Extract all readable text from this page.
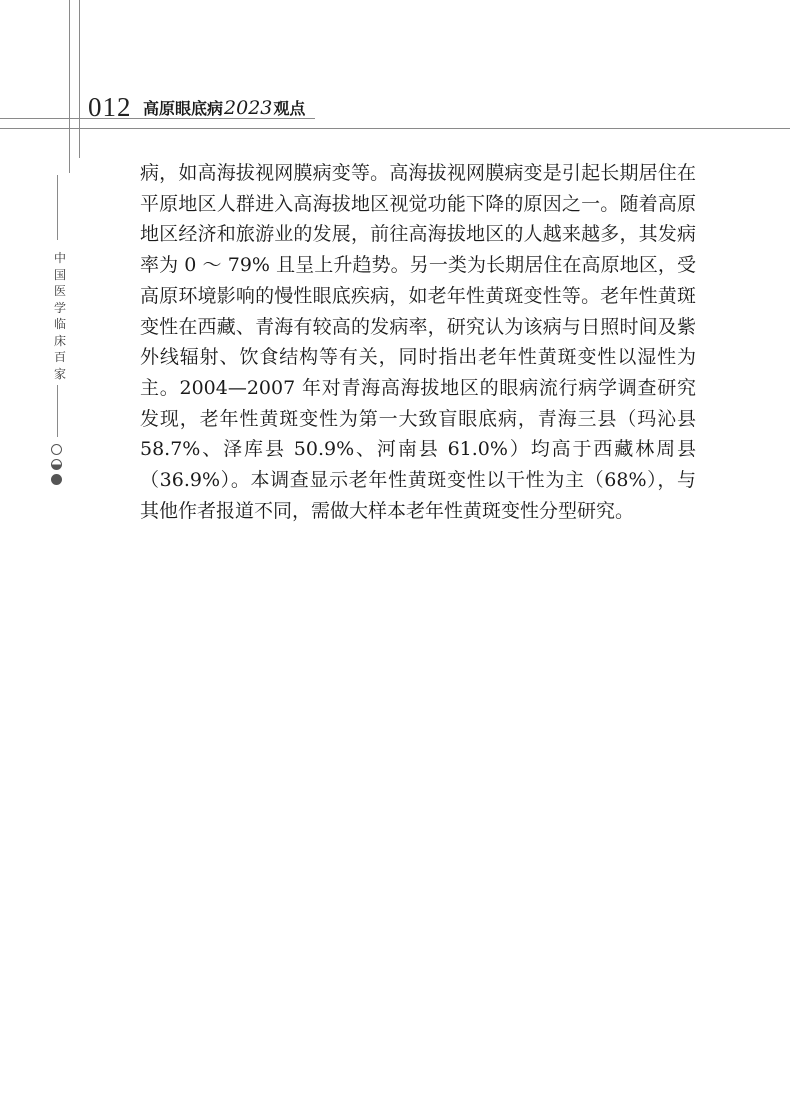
012 高原眼底病2023观点
中国医学临床百家

病，如高海拔视网膜病变等。高海拔视网膜病变是引起长期居住在平原地区人群进入高海拔地区视觉功能下降的原因之一。随着高原地区经济和旅游业的发展，前往高海拔地区的人越来越多，其发病率为 0 ～ 79% 且呈上升趋势。另一类为长期居住在高原地区，受高原环境影响的慢性眼底疾病，如老年性黄斑变性等。老年性黄斑变性在西藏、青海有较高的发病率，研究认为该病与日照时间及紫外线辐射、饮食结构等有关，同时指出老年性黄斑变性以湿性为主。2004—2007 年对青海高海拔地区的眼病流行病学调查研究发现，老年性黄斑变性为第一大致盲眼底病，青海三县（玛沁县 58.7%、泽库县 50.9%、河南县 61.0%）均高于西藏林周县（36.9%）。本调查显示老年性黄斑变性以干性为主（68%），与其他作者报道不同，需做大样本老年性黄斑变性分型研究。
